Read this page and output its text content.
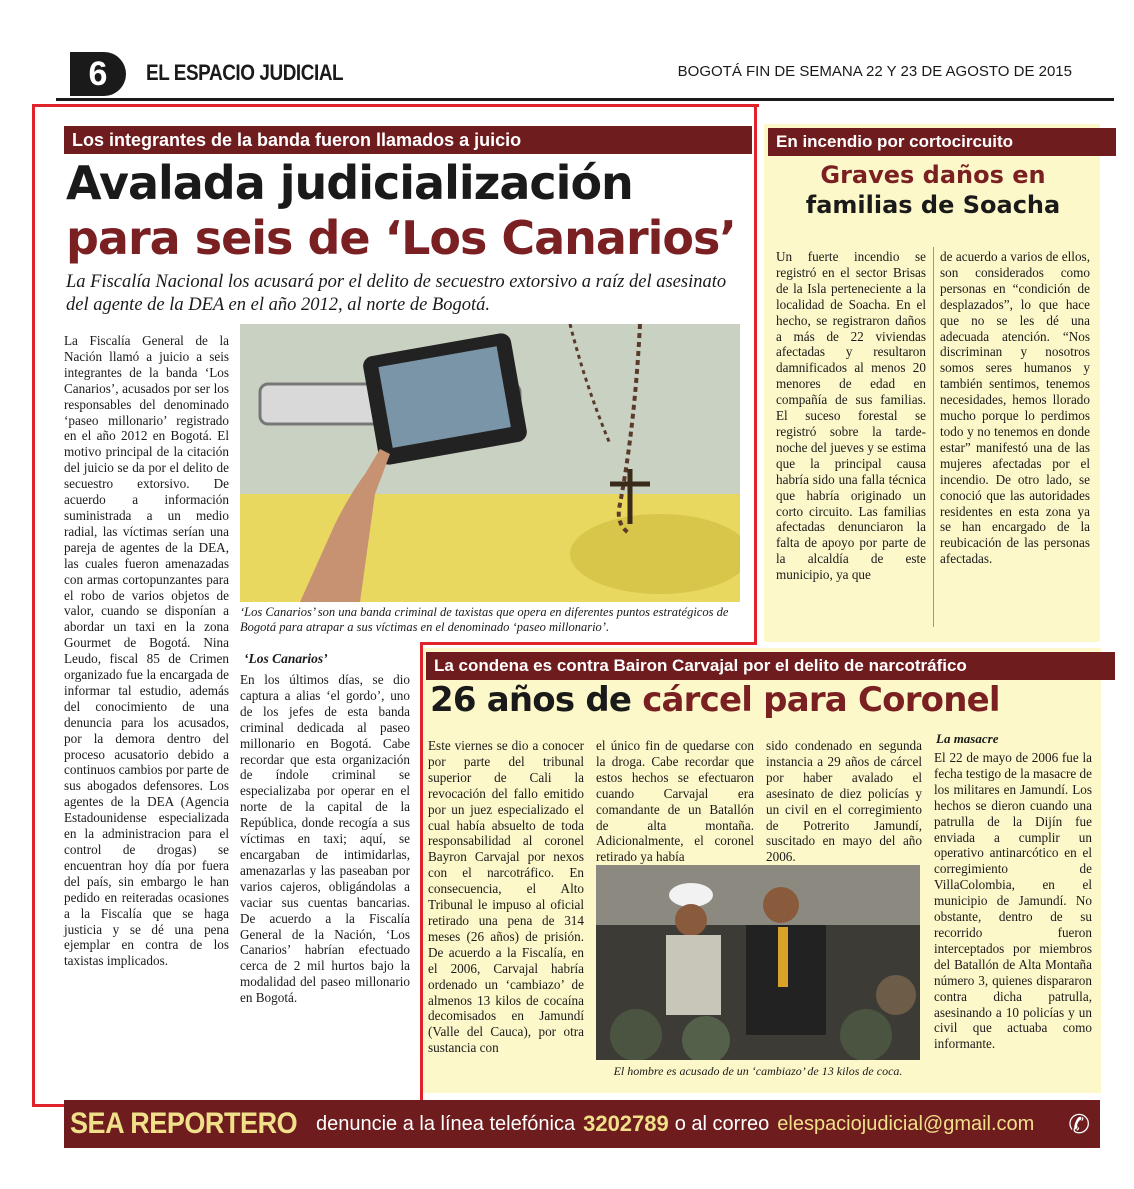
6	EL ESPACIO JUDICIAL	BOGOTÁ FIN DE SEMANA 22 Y 23 DE AGOSTO DE 2015
Los integrantes de la banda fueron llamados a juicio
Avalada judicialización
para seis de ‘Los Canarios’
La Fiscalía Nacional los acusará por el delito de secuestro extorsivo a raíz del asesinato del agente de la DEA en el año 2012, al norte de Bogotá.
La Fiscalía General de la Nación llamó a juicio a seis integrantes de la banda ‘Los Canarios’, acusados por ser los responsables del denominado ‘paseo millonario’ registrado en el año 2012 en Bogotá. El motivo principal de la citación del juicio se da por el delito de secuestro extorsivo. De acuerdo a información suministrada a un medio radial, las víctimas serían una pareja de agentes de la DEA, las cuales fueron amenazadas con armas cortopunzantes para el robo de varios objetos de valor, cuando se disponían a abordar un taxi en la zona Gourmet de Bogotá. Nina Leudo, fiscal 85 de Crimen organizado fue la encargada de informar tal estudio, además del conocimiento de una denuncia para los acusados, por la demora dentro del proceso acusatorio debido a continuos cambios por parte de sus abogados defensores. Los agentes de la DEA (Agencia Estadounidense especializada en la administracion para el control de drogas) se encuentran hoy día por fuera del país, sin embargo le han pedido en reiteradas ocasiones a la Fiscalía que se haga justicia y se dé una pena ejemplar en contra de los taxistas implicados.
‘Los Canarios’ son una banda criminal de taxistas que opera en diferentes puntos estratégicos de Bogotá para atrapar a sus víctimas en el denominado ‘paseo millonario’.
‘Los Canarios’
En los últimos días, se dio captura a alias ‘el gordo’, uno de los jefes de esta banda criminal dedicada al paseo millonario en Bogotá. Cabe recordar que esta organización de índole criminal se especializaba por operar en el norte de la capital de la República, donde recogía a sus víctimas en taxi; aquí, se encargaban de intimidarlas, amenazarlas y las paseaban por varios cajeros, obligándolas a vaciar sus cuentas bancarias. De acuerdo a la Fiscalía General de la Nación, ‘Los Canarios’ habrían efectuado cerca de 2 mil hurtos bajo la modalidad del paseo millonario en Bogotá.
En incendio por cortocircuito
Graves daños en
familias de Soacha
Un fuerte incendio se registró en el sector Brisas de la Isla perteneciente a la localidad de Soacha. En el hecho, se registraron daños a más de 22 viviendas afectadas y resultaron damnificados al menos 20 menores de edad en compañía de sus familias. El suceso forestal se registró sobre la tarde-noche del jueves y se estima que la principal causa habría sido una falla técnica que habría originado un corto circuito. Las familias afectadas denunciaron la falta de apoyo por parte de la alcaldía de este municipio, ya que
de acuerdo a varios de ellos, son considerados como personas en “condición de desplazados”, lo que hace que no se les dé una adecuada atención. “Nos discriminan y nosotros somos seres humanos y también sentimos, tenemos necesidades, hemos llorado mucho porque lo perdimos todo y no tenemos en donde estar” manifestó una de las mujeres afectadas por el incendio. De otro lado, se conoció que las autoridades residentes en esta zona ya se han encargado de la reubicación de las personas afectadas.
La condena es contra Bairon Carvajal por el delito de narcotráfico
26 años de cárcel para Coronel
Este viernes se dio a conocer por parte del tribunal superior de Cali la revocación del fallo emitido por un juez especializado el cual había absuelto de toda responsabilidad al coronel Bayron Carvajal por nexos con el narcotráfico. En consecuencia, el Alto Tribunal le impuso al oficial retirado una pena de 314 meses (26 años) de prisión. De acuerdo a la Fiscalía, en el 2006, Carvajal habría ordenado un ‘cambiazo’ de almenos 13 kilos de cocaína decomisados en Jamundí (Valle del Cauca), por otra sustancia con
el único fin de quedarse con la droga. Cabe recordar que estos hechos se efectuaron cuando Carvajal era comandante de un Batallón de alta montaña. Adicionalmente, el coronel retirado ya había
sido condenado en segunda instancia a 29 años de cárcel por haber avalado el asesinato de diez policías y un civil en el corregimiento de Potrerito Jamundí, suscitado en mayo del año 2006.
La masacre
El 22 de mayo de 2006 fue la fecha testigo de la masacre de los militares en Jamundí. Los hechos se dieron cuando una patrulla de la Dijín fue enviada a cumplir un operativo antinarcótico en el corregimiento de VillaColombia, en el municipio de Jamundí. No obstante, dentro de su recorrido fueron interceptados por miembros del Batallón de Alta Montaña número 3, quienes dispararon contra dicha patrulla, asesinando a 10 policías y un civil que actuaba como informante.
El hombre es acusado de un ‘cambiazo’ de 13 kilos de coca.
SEA REPORTERO denuncie a la línea telefónica 3202789 o al correo elespaciojudicial@gmail.com ✆
